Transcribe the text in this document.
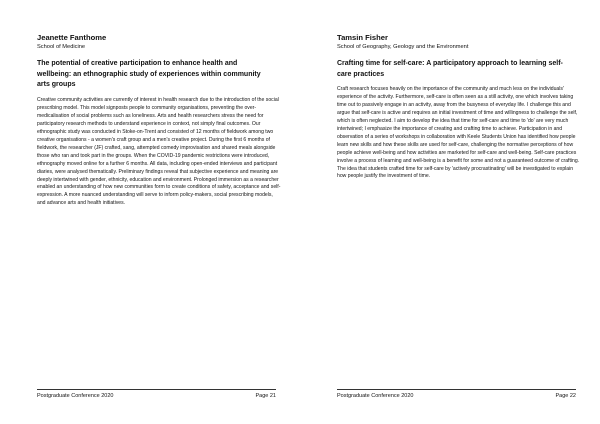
Jeanette Fanthome
School of Medicine
The potential of creative participation to enhance health and wellbeing: an ethnographic study of experiences within community arts groups
Creative community activities are currently of interest in health research due to the introduction of the social prescribing model. This model signposts people to community organisations, preventing the over-medicalisation of social problems such as loneliness. Arts and health researchers stress the need for participatory research methods to understand experience in context, not simply final outcomes. Our ethnographic study was conducted in Stoke-on-Trent and consisted of 12 months of fieldwork among two creative organisations - a women's craft group and a men's creative project. During the first 6 months of fieldwork, the researcher (JF) crafted, sang, attempted comedy improvisation and shared meals alongside those who ran and took part in the groups. When the COVID-19 pandemic restrictions were introduced, ethnography moved online for a further 6 months. All data, including open-ended interviews and participant diaries, were analysed thematically. Preliminary findings reveal that subjective experience and meaning are deeply intertwined with gender, ethnicity, education and environment. Prolonged immersion as a researcher enabled an understanding of how new communities form to create conditions of safety, acceptance and self-expression. A more nuanced understanding will serve to inform policy-makers, social prescribing models, and advance arts and health initiatives.
Postgraduate Conference 2020	Page 21
Tamsin Fisher
School of Geography, Geology and the Environment
Crafting time for self-care: A participatory approach to learning self-care practices
Craft research focuses heavily on the importance of the community and much less on the individuals' experience of the activity. Furthermore, self-care is often seen as a still activity, one which involves taking time out to passively engage in an activity, away from the busyness of everyday life. I challenge this and argue that self-care is active and requires an initial investment of time and willingness to challenge the self, which is often neglected. I aim to develop the idea that time for self-care and time to 'do' are very much intertwined; I emphasize the importance of creating and crafting time to achieve. Participation in and observation of a series of workshops in collaboration with Keele Students Union has identified how people learn new skills and how these skills are used for self-care, challenging the normative perceptions of how people achieve well-being and how activities are marketed for self-care and well-being. Self-care practices involve a process of learning and well-being is a benefit for some and not a guaranteed outcome of crafting. The idea that students crafted time for self-care by 'actively procrastinating' will be investigated to explain how people justify the investment of time.
Postgraduate Conference 2020	Page 22
